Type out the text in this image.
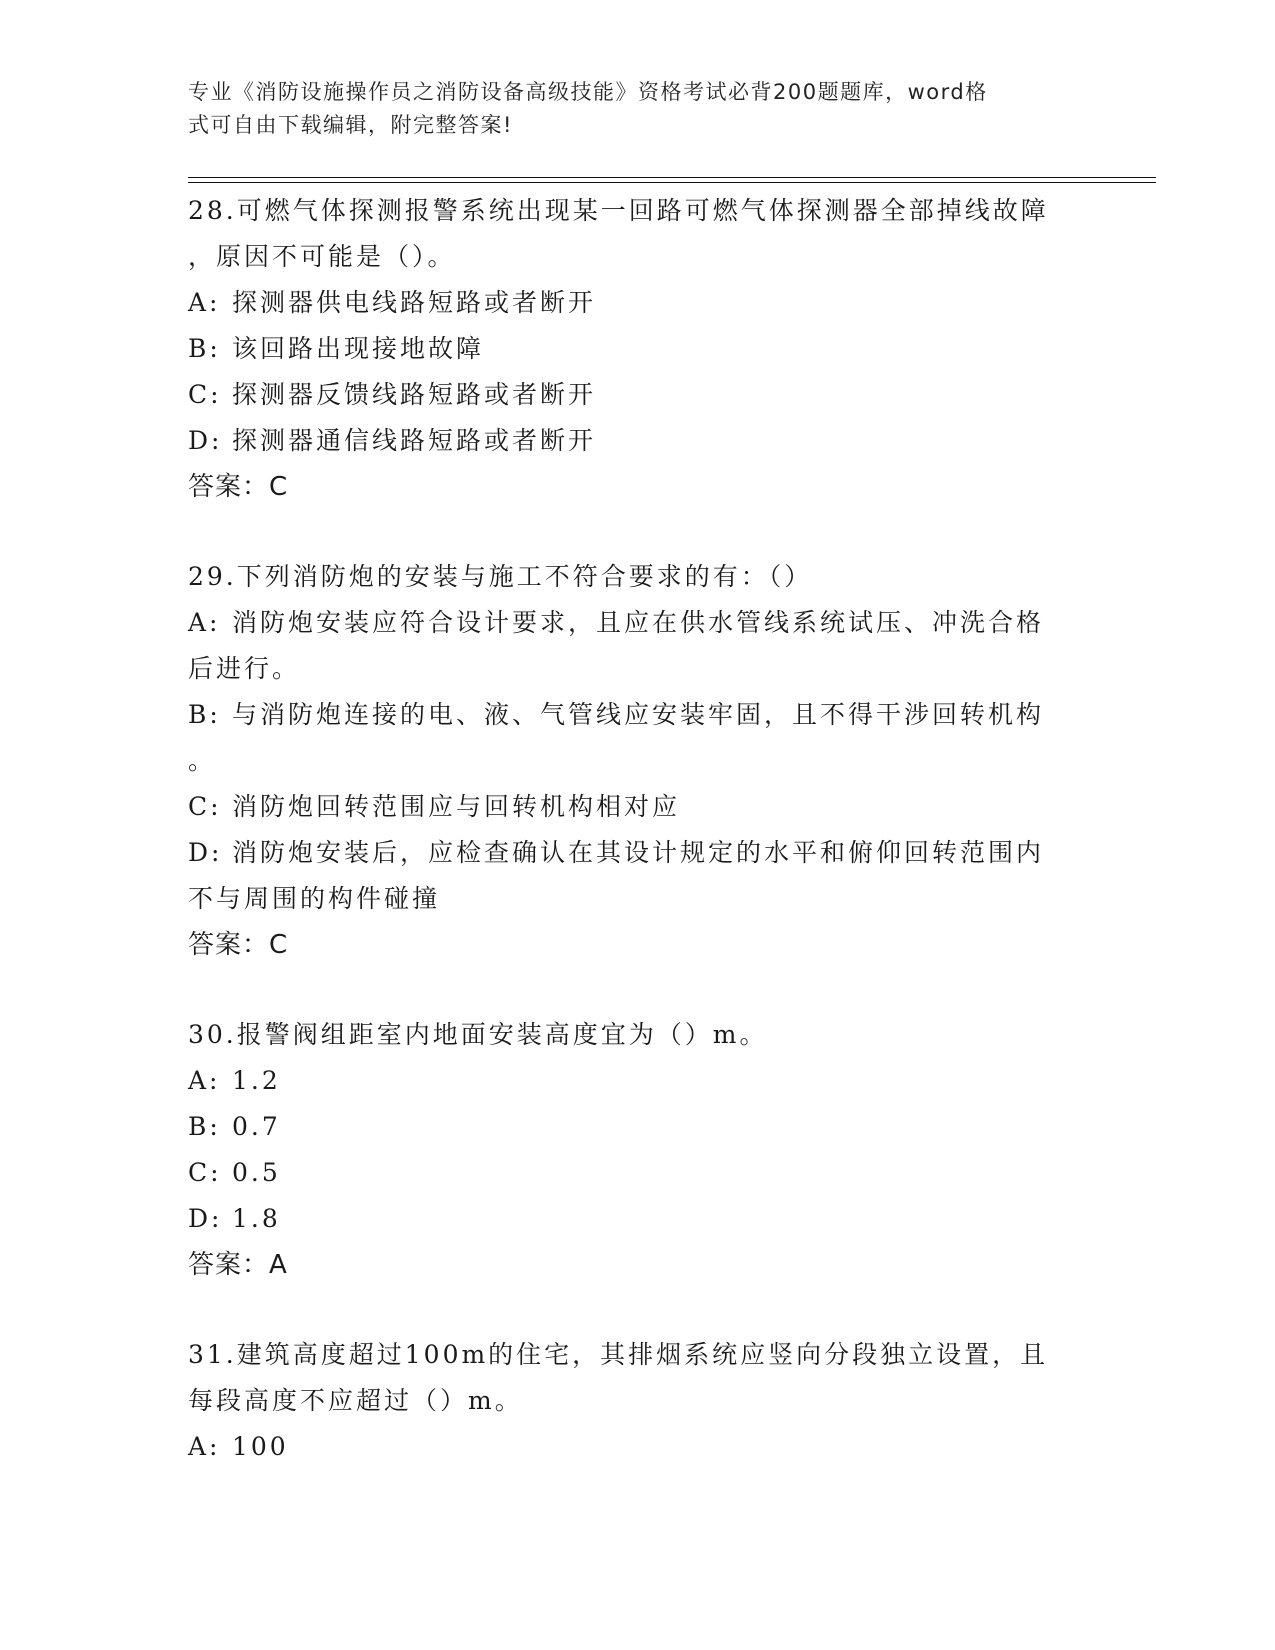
专业《消防设施操作员之消防设备高级技能》资格考试必背200题题库，word格
式可自由下载编辑，附完整答案!
28.可燃气体探测报警系统出现某一回路可燃气体探测器全部掉线故障
，原因不可能是（）。
A: 探测器供电线路短路或者断开
B: 该回路出现接地故障
C: 探测器反馈线路短路或者断开
D: 探测器通信线路短路或者断开
答案：C
29.下列消防炮的安装与施工不符合要求的有：（）
A: 消防炮安装应符合设计要求，且应在供水管线系统试压、冲洗合格
后进行。
B: 与消防炮连接的电、液、气管线应安装牢固，且不得干涉回转机构
。
C: 消防炮回转范围应与回转机构相对应
D: 消防炮安装后，应检查确认在其设计规定的水平和俯仰回转范围内
不与周围的构件碰撞
答案：C
30.报警阀组距室内地面安装高度宜为（）m。
A: 1.2
B: 0.7
C: 0.5
D: 1.8
答案：A
31.建筑高度超过100m的住宅，其排烟系统应竖向分段独立设置，且
每段高度不应超过（）m。
A: 100
